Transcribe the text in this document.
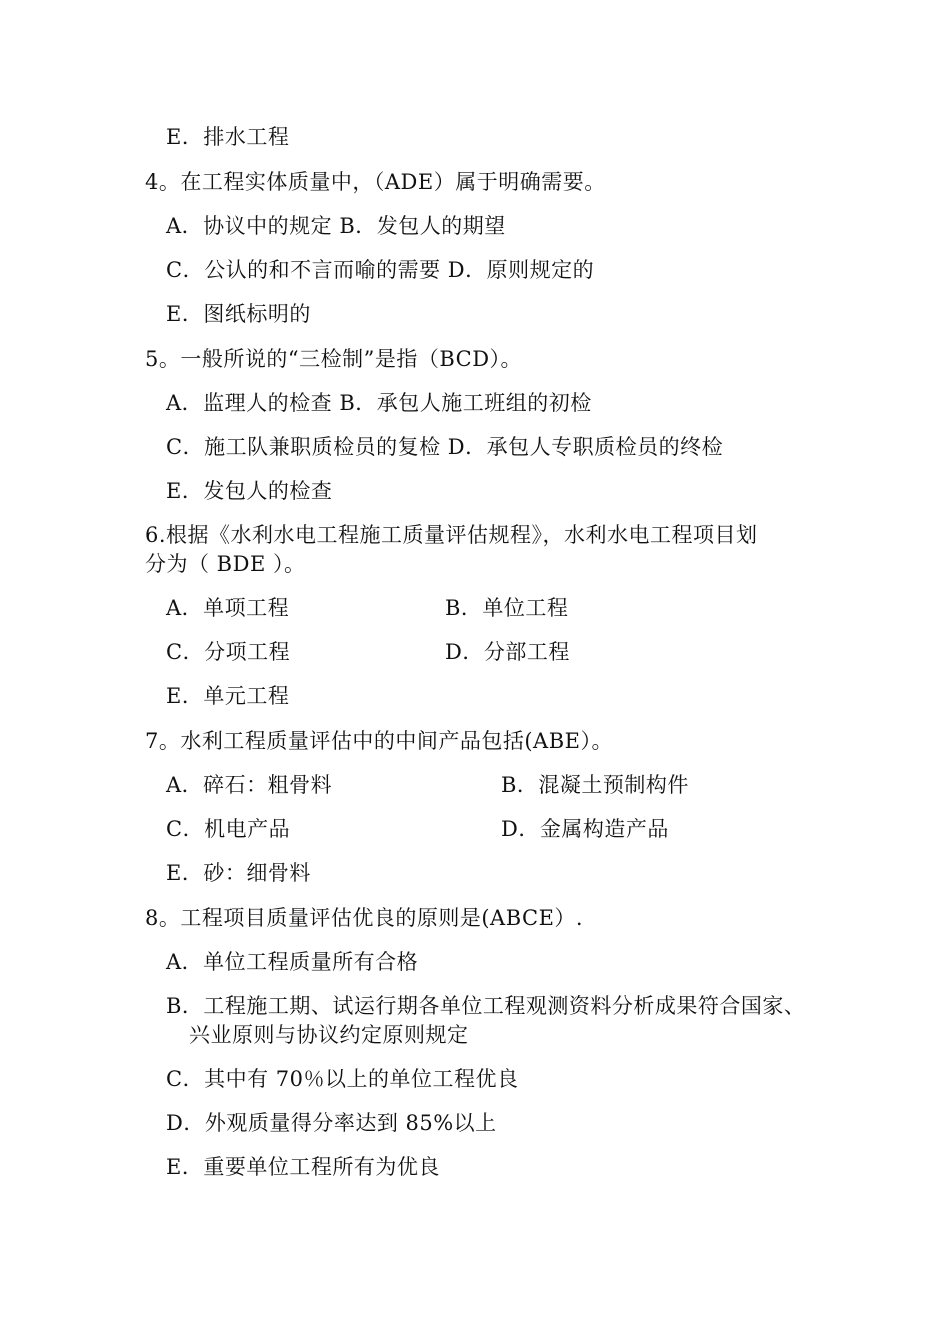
E．排水工程
4。在工程实体质量中，（ADE）属于明确需要。
A．协议中的规定 B．发包人的期望
C．公认的和不言而喻的需要 D．原则规定的
E．图纸标明的
5。一般所说的“三检制”是指（BCD）。
A．监理人的检查 B．承包人施工班组的初检
C．施工队兼职质检员的复检 D．承包人专职质检员的终检
E．发包人的检查
6.根据《水利水电工程施工质量评估规程》，水利水电工程项目划
分为（ BDE ）。
A．单项工程	B．单位工程
C．分项工程	D．分部工程
E．单元工程
7。水利工程质量评估中的中间产品包括(ABE）。
A．碎石：粗骨料	B．混凝土预制构件
C．机电产品	D．金属构造产品
E．砂：细骨料
8。工程项目质量评估优良的原则是(ABCE）.
A．单位工程质量所有合格
B．工程施工期、试运行期各单位工程观测资料分析成果符合国家、
兴业原则与协议约定原则规定
C．其中有 70％以上的单位工程优良
D．外观质量得分率达到 85%以上
E．重要单位工程所有为优良
